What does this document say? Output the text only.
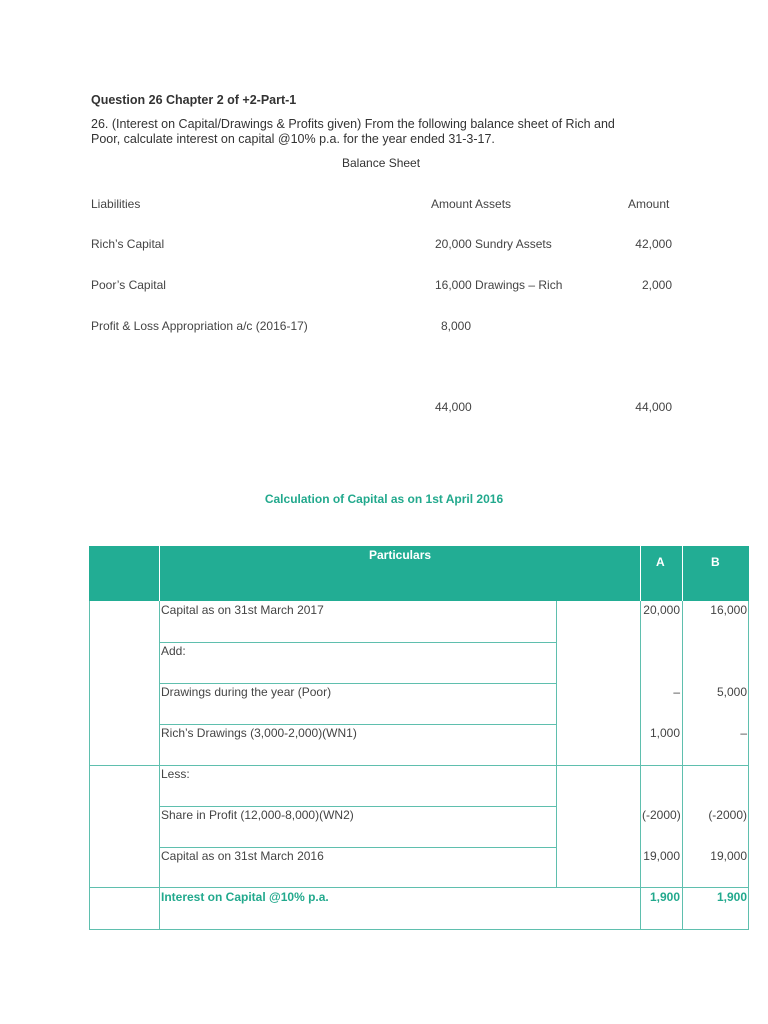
Question 26 Chapter 2 of +2-Part-1
26. (Interest on Capital/Drawings & Profits given) From the following balance sheet of Rich and
Poor, calculate interest on capital @10% p.a. for the year ended 31-3-17.
Balance Sheet
Liabilities	Amount Assets	Amount
Rich’s Capital	20,000 Sundry Assets	42,000
Poor’s Capital	16,000 Drawings – Rich	2,000
Profit & Loss Appropriation a/c (2016-17)	8,000
44,000	44,000
Calculation of Capital as on 1st April 2016
Particulars	A	B
Capital as on 31st March 2017	20,000	16,000
Add:
Drawings during the year (Poor)	–	5,000
Rich’s Drawings (3,000-2,000)(WN1)	1,000	–
Less:
Share in Profit (12,000-8,000)(WN2)	(-2000)	(-2000)
Capital as on 31st March 2016	19,000	19,000
Interest on Capital @10% p.a.	1,900	1,900
